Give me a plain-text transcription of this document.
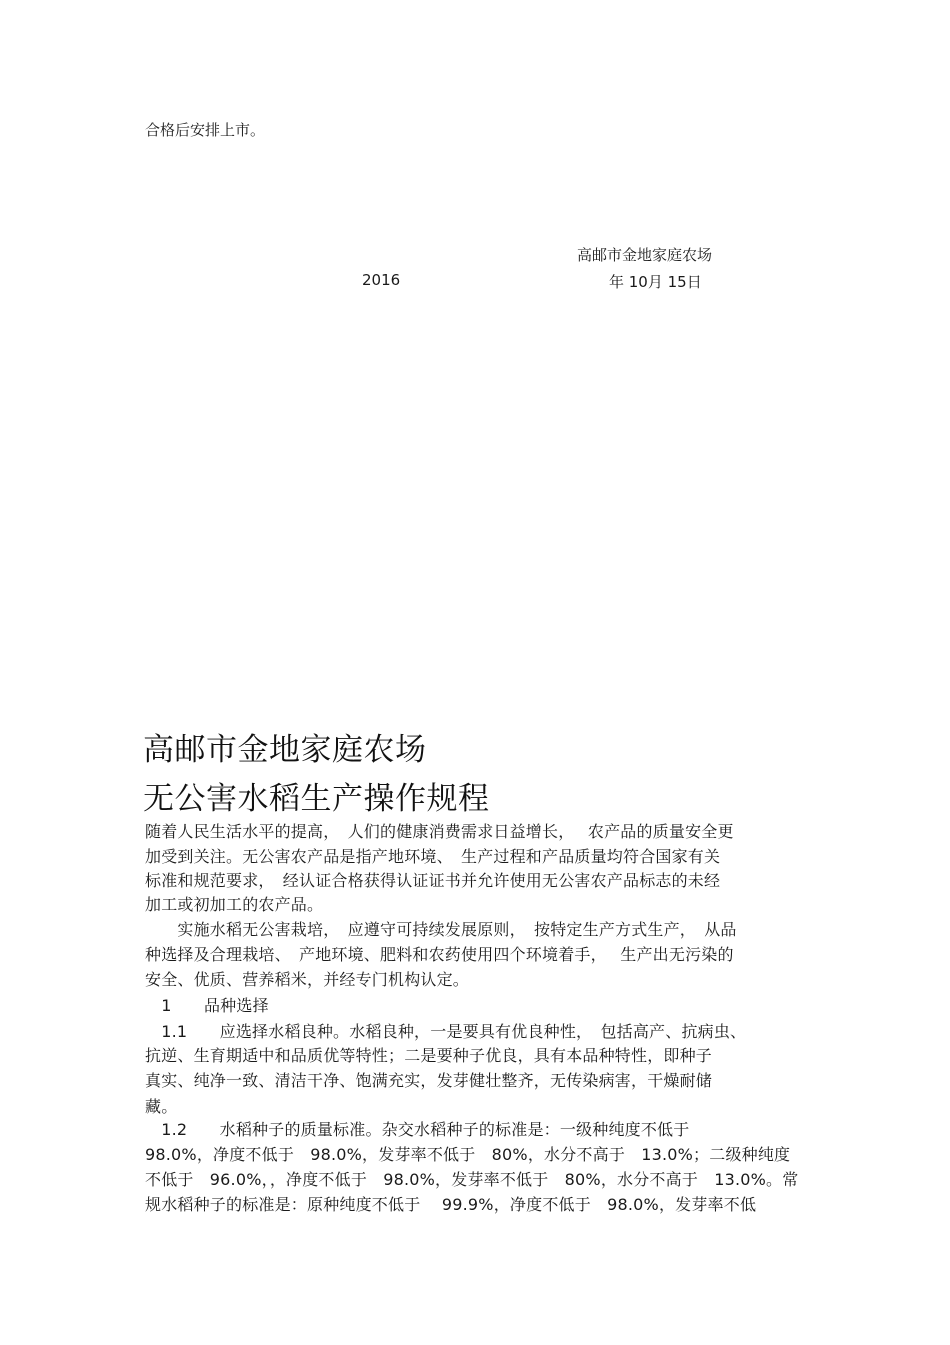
合格后安排上市。
高邮市金地家庭农场
2016	年 10月 15日
高邮市金地家庭农场
无公害水稻生产操作规程
随着人民生活水平的提高，　人们的健康消费需求日益增长，　 农产品的质量安全更
加受到关注。无公害农产品是指产地环境、　生产过程和产品质量均符合国家有关
标准和规范要求，　经认证合格获得认证证书并允许使用无公害农产品标志的未经
加工或初加工的农产品。
　　实施水稻无公害栽培，　应遵守可持续发展原则，　按特定生产方式生产，　从品
种选择及合理栽培、　产地环境、肥料和农药使用四个环境着手，　 生产出无污染的
安全、优质、营养稻米，并经专门机构认定。
　1　　品种选择
　1.1　　应选择水稻良种。水稻良种，一是要具有优良种性，　包括高产、抗病虫、
抗逆、生育期适中和品质优等特性；二是要种子优良，具有本品种特性，即种子
真实、纯净一致、清洁干净、饱满充实，发芽健壮整齐，无传染病害，干燥耐储
藏。
　1.2　　水稻种子的质量标准。杂交水稻种子的标准是：一级种纯度不低于
98.0%，净度不低于　98.0%，发芽率不低于　80%，水分不高于　13.0%；二级种纯度
不低于　96.0%，，净度不低于　98.0%，发芽率不低于　80%，水分不高于　13.0%。常
规水稻种子的标准是：原种纯度不低于　 99.9%，净度不低于　98.0%，发芽率不低
